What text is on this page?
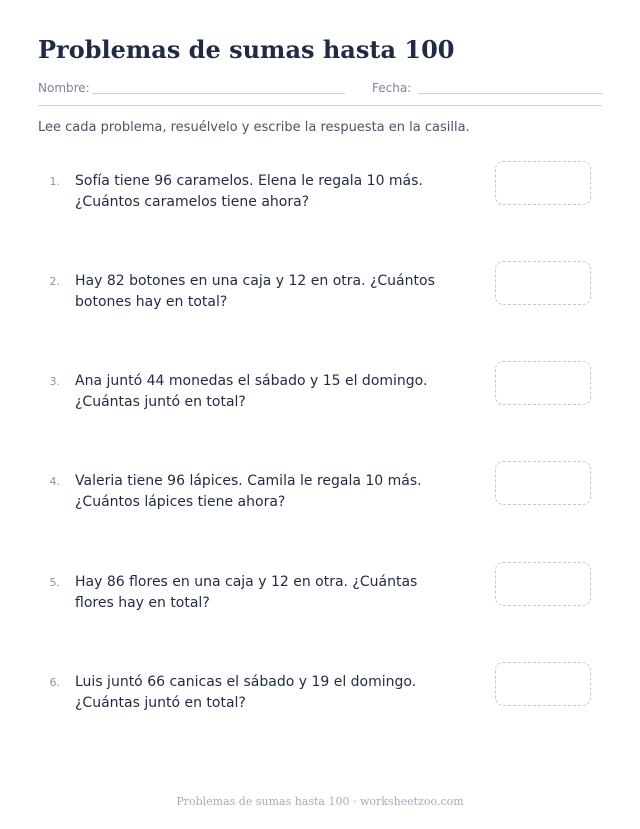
Problemas de sumas hasta 100
Nombre:	Fecha:
Lee cada problema, resuélvelo y escribe la respuesta en la casilla.
1. Sofía tiene 96 caramelos. Elena le regala 10 más. ¿Cuántos caramelos tiene ahora?
2. Hay 82 botones en una caja y 12 en otra. ¿Cuántos botones hay en total?
3. Ana juntó 44 monedas el sábado y 15 el domingo. ¿Cuántas juntó en total?
4. Valeria tiene 96 lápices. Camila le regala 10 más. ¿Cuántos lápices tiene ahora?
5. Hay 86 flores en una caja y 12 en otra. ¿Cuántas flores hay en total?
6. Luis juntó 66 canicas el sábado y 19 el domingo. ¿Cuántas juntó en total?
Problemas de sumas hasta 100 · worksheetzoo.com
